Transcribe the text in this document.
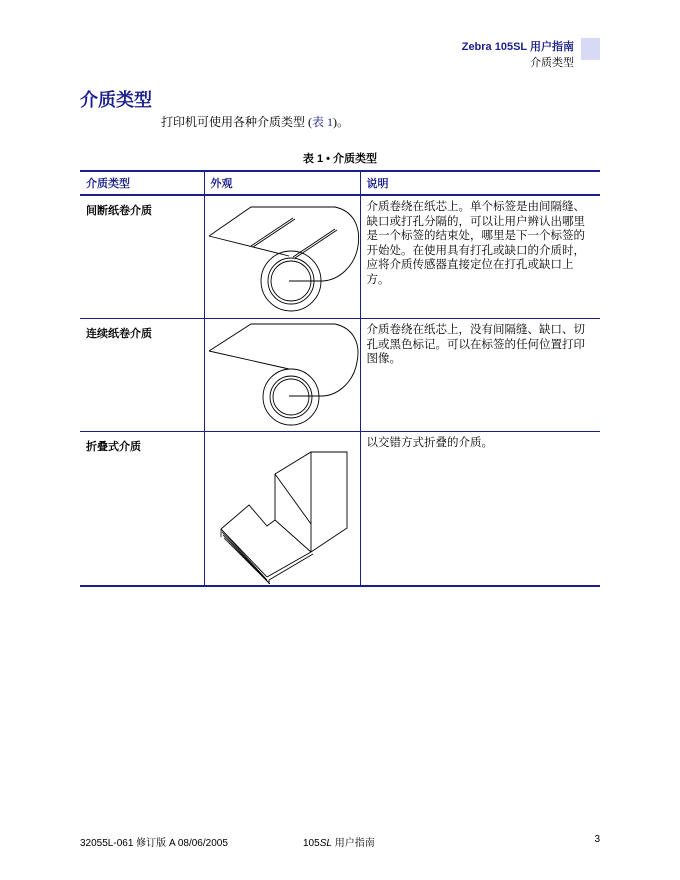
Zebra 105SL 用户指南
介质类型
介质类型
打印机可使用各种介质类型 (表 1)。
表 1 • 介质类型
介质类型	外观	说明
间断纸卷介质		介质卷绕在纸芯上。单个标签是由间隔缝、缺口或打孔分隔的，可以让用户辨认出哪里是一个标签的结束处，哪里是下一个标签的开始处。在使用具有打孔或缺口的介质时，应将介质传感器直接定位在打孔或缺口上方。
连续纸卷介质		介质卷绕在纸芯上，没有间隔缝、缺口、切孔或黑色标记。可以在标签的任何位置打印图像。
折叠式介质		以交错方式折叠的介质。
32055L-061 修订版 A 08/06/2005	105SL 用户指南	3
